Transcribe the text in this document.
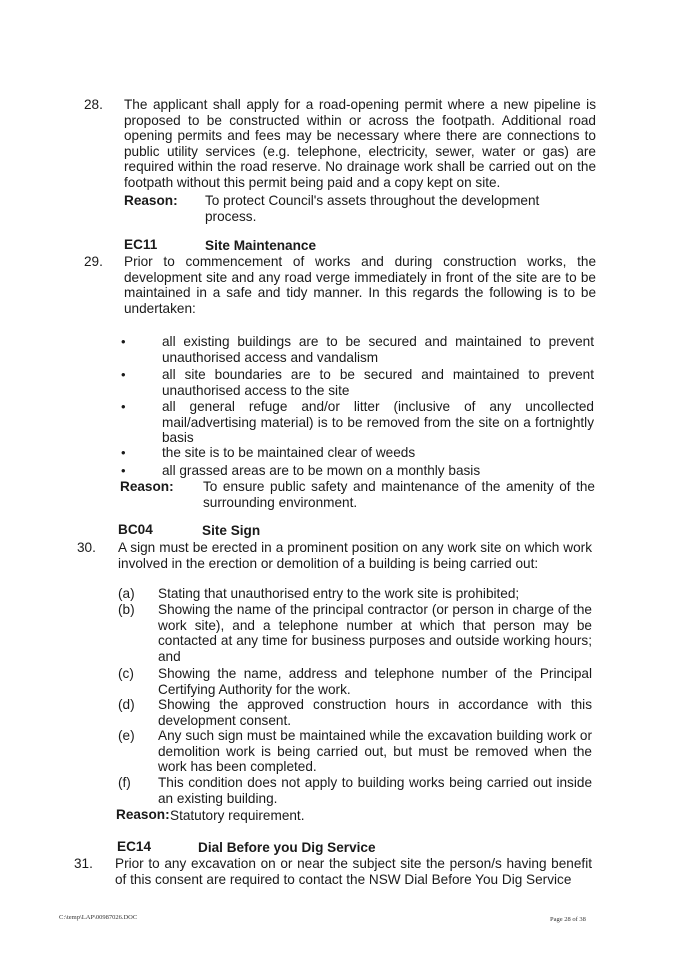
28. The applicant shall apply for a road-opening permit where a new pipeline is proposed to be constructed within or across the footpath. Additional road opening permits and fees may be necessary where there are connections to public utility services (e.g. telephone, electricity, sewer, water or gas) are required within the road reserve. No drainage work shall be carried out on the footpath without this permit being paid and a copy kept on site.
Reason: To protect Council's assets throughout the development process.
EC11	Site Maintenance
29. Prior to commencement of works and during construction works, the development site and any road verge immediately in front of the site are to be maintained in a safe and tidy manner. In this regards the following is to be undertaken:
•	all existing buildings are to be secured and maintained to prevent unauthorised access and vandalism
•	all site boundaries are to be secured and maintained to prevent unauthorised access to the site
•	all general refuge and/or litter (inclusive of any uncollected mail/advertising material) is to be removed from the site on a fortnightly basis
•	the site is to be maintained clear of weeds
•	all grassed areas are to be mown on a monthly basis
Reason: To ensure public safety and maintenance of the amenity of the surrounding environment.
BC04	Site Sign
30. A sign must be erected in a prominent position on any work site on which work involved in the erection or demolition of a building is being carried out:
(a) Stating that unauthorised entry to the work site is prohibited;
(b) Showing the name of the principal contractor (or person in charge of the work site), and a telephone number at which that person may be contacted at any time for business purposes and outside working hours; and
(c) Showing the name, address and telephone number of the Principal Certifying Authority for the work.
(d) Showing the approved construction hours in accordance with this development consent.
(e) Any such sign must be maintained while the excavation building work or demolition work is being carried out, but must be removed when the work has been completed.
(f) This condition does not apply to building works being carried out inside an existing building.
Reason: Statutory requirement.
EC14	Dial Before you Dig Service
31. Prior to any excavation on or near the subject site the person/s having benefit of this consent are required to contact the NSW Dial Before You Dig Service
C:\temp\LAP\00987026.DOC	Page 28 of 38
